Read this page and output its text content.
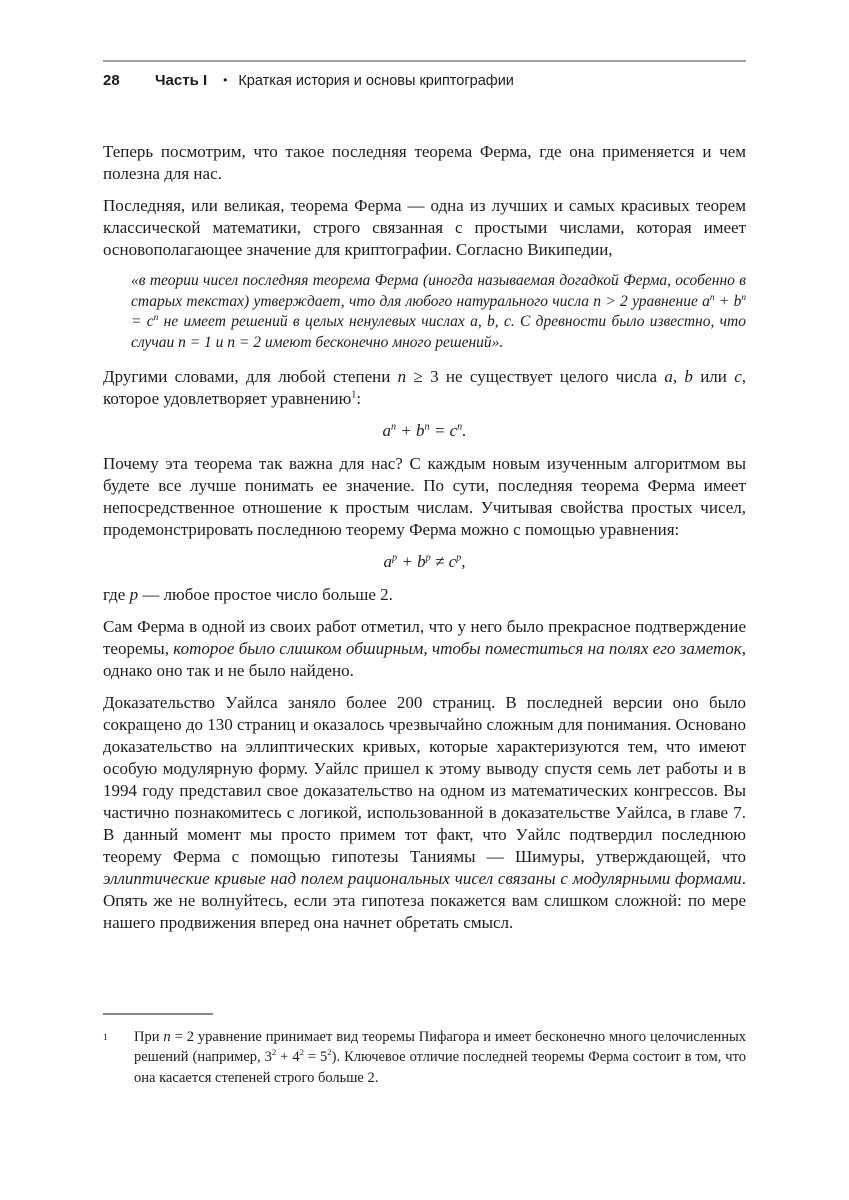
28	Часть I • Краткая история и основы криптографии

Теперь посмотрим, что такое последняя теорема Ферма, где она применяется и чем полезна для нас.

Последняя, или великая, теорема Ферма — одна из лучших и самых красивых теорем классической математики, строго связанная с простыми числами, которая имеет основополагающее значение для криптографии. Согласно Википедии,

«в теории чисел последняя теорема Ферма (иногда называемая догадкой Ферма, особенно в старых текстах) утверждает, что для любого натурального числа n > 2 уравнение $a^n + b^n = c^n$ не имеет решений в целых ненулевых числах a, b, c. С древности было известно, что случаи n = 1 и n = 2 имеют бесконечно много решений».

Другими словами, для любой степени n ≥ 3 не существует целого числа a, b или c, которое удовлетворяет уравнению$^1$:

$a^n + b^n = c^n$.

Почему эта теорема так важна для нас? С каждым новым изученным алгоритмом вы будете все лучше понимать ее значение. По сути, последняя теорема Ферма имеет непосредственное отношение к простым числам. Учитывая свойства простых чисел, продемонстрировать последнюю теорему Ферма можно с помощью уравнения:

$a^p + b^p \ne c^p$,

где p — любое простое число больше 2.

Сам Ферма в одной из своих работ отметил, что у него было прекрасное подтверждение теоремы, которое было слишком обширным, чтобы поместиться на полях его заметок, однако оно так и не было найдено.

Доказательство Уайлса заняло более 200 страниц. В последней версии оно было сокращено до 130 страниц и оказалось чрезвычайно сложным для понимания. Основано доказательство на эллиптических кривых, которые характеризуются тем, что имеют особую модулярную форму. Уайлс пришел к этому выводу спустя семь лет работы и в 1994 году представил свое доказательство на одном из математических конгрессов. Вы частично познакомитесь с логикой, использованной в доказательстве Уайлса, в главе 7. В данный момент мы просто примем тот факт, что Уайлс подтвердил последнюю теорему Ферма с помощью гипотезы Таниямы — Шимуры, утверждающей, что эллиптические кривые над полем рациональных чисел связаны с модулярными формами. Опять же не волнуйтесь, если эта гипотеза покажется вам слишком сложной: по мере нашего продвижения вперед она начнет обретать смысл.

1	При n = 2 уравнение принимает вид теоремы Пифагора и имеет бесконечно много целочисленных решений (например, $3^2 + 4^2 = 5^2$). Ключевое отличие последней теоремы Ферма состоит в том, что она касается степеней строго больше 2.
